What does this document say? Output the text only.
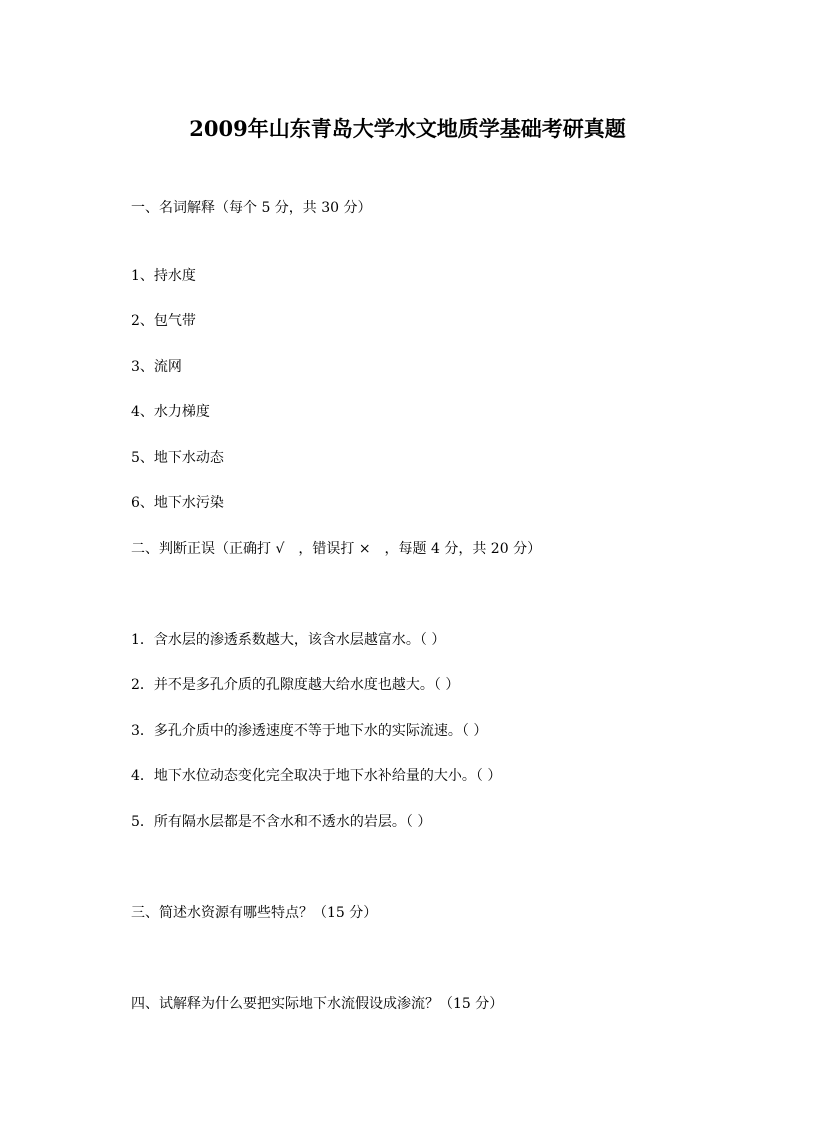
2009年山东青岛大学水文地质学基础考研真题
一、名词解释（每个 5 分，共 30 分）
1、持水度
2、包气带
3、流网
4、水力梯度
5、地下水动态
6、地下水污染
二、判断正误（正确打 √　，错误打 ×　，每题 4 分，共 20 分）
1．含水层的渗透系数越大，该含水层越富水。（ ）
2．并不是多孔介质的孔隙度越大给水度也越大。（ ）
3．多孔介质中的渗透速度不等于地下水的实际流速。（ ）
4．地下水位动态变化完全取决于地下水补给量的大小。（ ）
5．所有隔水层都是不含水和不透水的岩层。（ ）
三、简述水资源有哪些特点？（15 分）
四、试解释为什么要把实际地下水流假设成渗流？（15 分）
